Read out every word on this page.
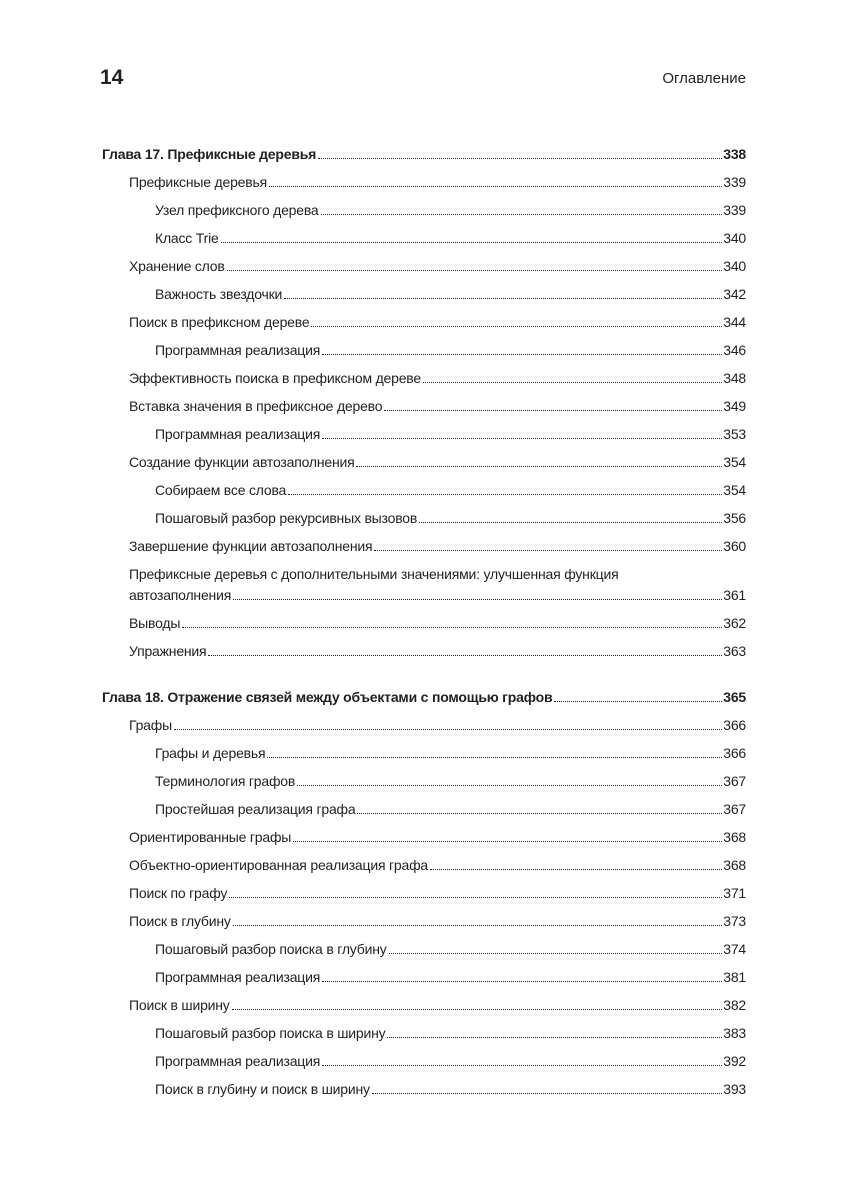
14	Оглавление
Глава 17. Префиксные деревья	338
Префиксные деревья	339
Узел префиксного дерева	339
Класс Trie	340
Хранение слов	340
Важность звездочки	342
Поиск в префиксном дереве	344
Программная реализация	346
Эффективность поиска в префиксном дереве	348
Вставка значения в префиксное дерево	349
Программная реализация	353
Создание функции автозаполнения	354
Собираем все слова	354
Пошаговый разбор рекурсивных вызовов	356
Завершение функции автозаполнения	360
Префиксные деревья с дополнительными значениями: улучшенная функция
автозаполнения	361
Выводы	362
Упражнения	363
Глава 18. Отражение связей между объектами с помощью графов	365
Графы	366
Графы и деревья	366
Терминология графов	367
Простейшая реализация графа	367
Ориентированные графы	368
Объектно-ориентированная реализация графа	368
Поиск по графу	371
Поиск в глубину	373
Пошаговый разбор поиска в глубину	374
Программная реализация	381
Поиск в ширину	382
Пошаговый разбор поиска в ширину	383
Программная реализация	392
Поиск в глубину и поиск в ширину	393
